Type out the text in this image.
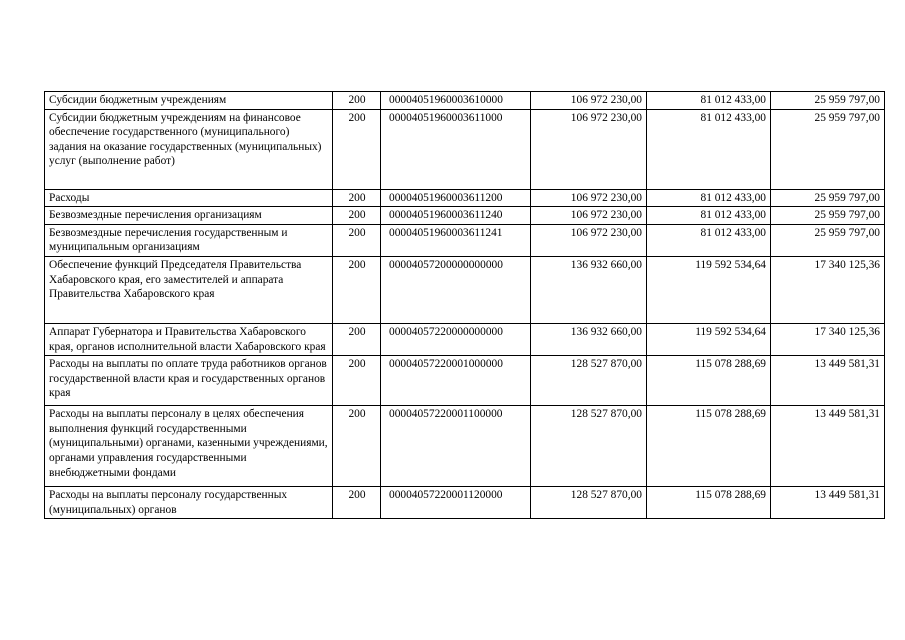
Субсидии бюджетным учреждениям	200	00004051960003610000	106 972 230,00	81 012 433,00	25 959 797,00
Субсидии бюджетным учреждениям на финансовое обеспечение государственного (муниципального) задания на оказание государственных (муниципальных) услуг (выполнение работ)	200	00004051960003611000	106 972 230,00	81 012 433,00	25 959 797,00
Расходы	200	00004051960003611200	106 972 230,00	81 012 433,00	25 959 797,00
Безвозмездные перечисления организациям	200	00004051960003611240	106 972 230,00	81 012 433,00	25 959 797,00
Безвозмездные перечисления государственным и муниципальным организациям	200	00004051960003611241	106 972 230,00	81 012 433,00	25 959 797,00
Обеспечение функций Председателя Правительства Хабаровского края, его заместителей и аппарата Правительства Хабаровского края	200	00004057200000000000	136 932 660,00	119 592 534,64	17 340 125,36
Аппарат Губернатора и Правительства Хабаровского края, органов исполнительной власти Хабаровского края	200	00004057220000000000	136 932 660,00	119 592 534,64	17 340 125,36
Расходы на выплаты по оплате труда работников органов государственной власти края и государственных органов края	200	00004057220001000000	128 527 870,00	115 078 288,69	13 449 581,31
Расходы на выплаты персоналу в целях обеспечения выполнения функций государственными (муниципальными) органами, казенными учреждениями, органами управления государственными внебюджетными фондами	200	00004057220001100000	128 527 870,00	115 078 288,69	13 449 581,31
Расходы на выплаты персоналу государственных (муниципальных) органов	200	00004057220001120000	128 527 870,00	115 078 288,69	13 449 581,31
